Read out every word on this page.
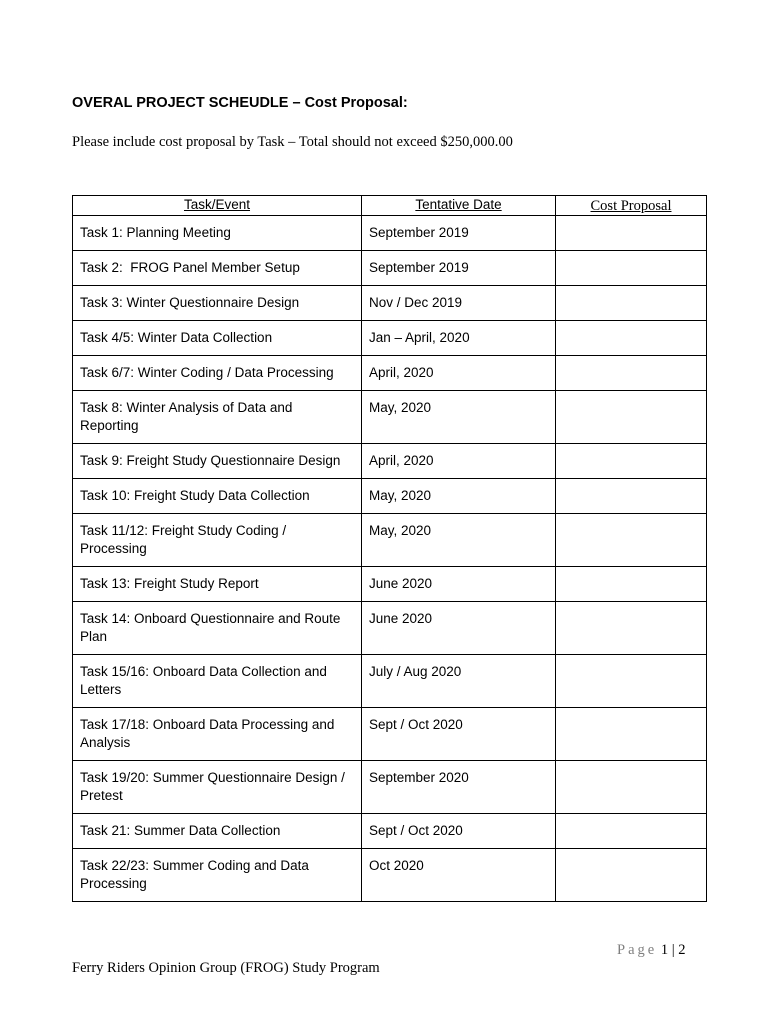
OVERAL PROJECT SCHEUDLE – Cost Proposal:
Please include cost proposal by Task – Total should not exceed $250,000.00
Task/Event	Tentative Date	Cost Proposal
Task 1: Planning Meeting	September 2019	
Task 2:  FROG Panel Member Setup	September 2019	
Task 3: Winter Questionnaire Design	Nov / Dec 2019	
Task 4/5: Winter Data Collection	Jan – April, 2020	
Task 6/7: Winter Coding / Data Processing	April, 2020	
Task 8: Winter Analysis of Data and Reporting	May, 2020	
Task 9: Freight Study Questionnaire Design	April, 2020	
Task 10: Freight Study Data Collection	May, 2020	
Task 11/12: Freight Study Coding / Processing	May, 2020	
Task 13: Freight Study Report	June 2020	
Task 14: Onboard Questionnaire and Route Plan	June 2020	
Task 15/16: Onboard Data Collection and Letters	July / Aug 2020	
Task 17/18: Onboard Data Processing and Analysis	Sept / Oct 2020	
Task 19/20: Summer Questionnaire Design / Pretest	September 2020	
Task 21: Summer Data Collection	Sept / Oct 2020	
Task 22/23: Summer Coding and Data Processing	Oct 2020	
Page 1 | 2
Ferry Riders Opinion Group (FROG) Study Program
